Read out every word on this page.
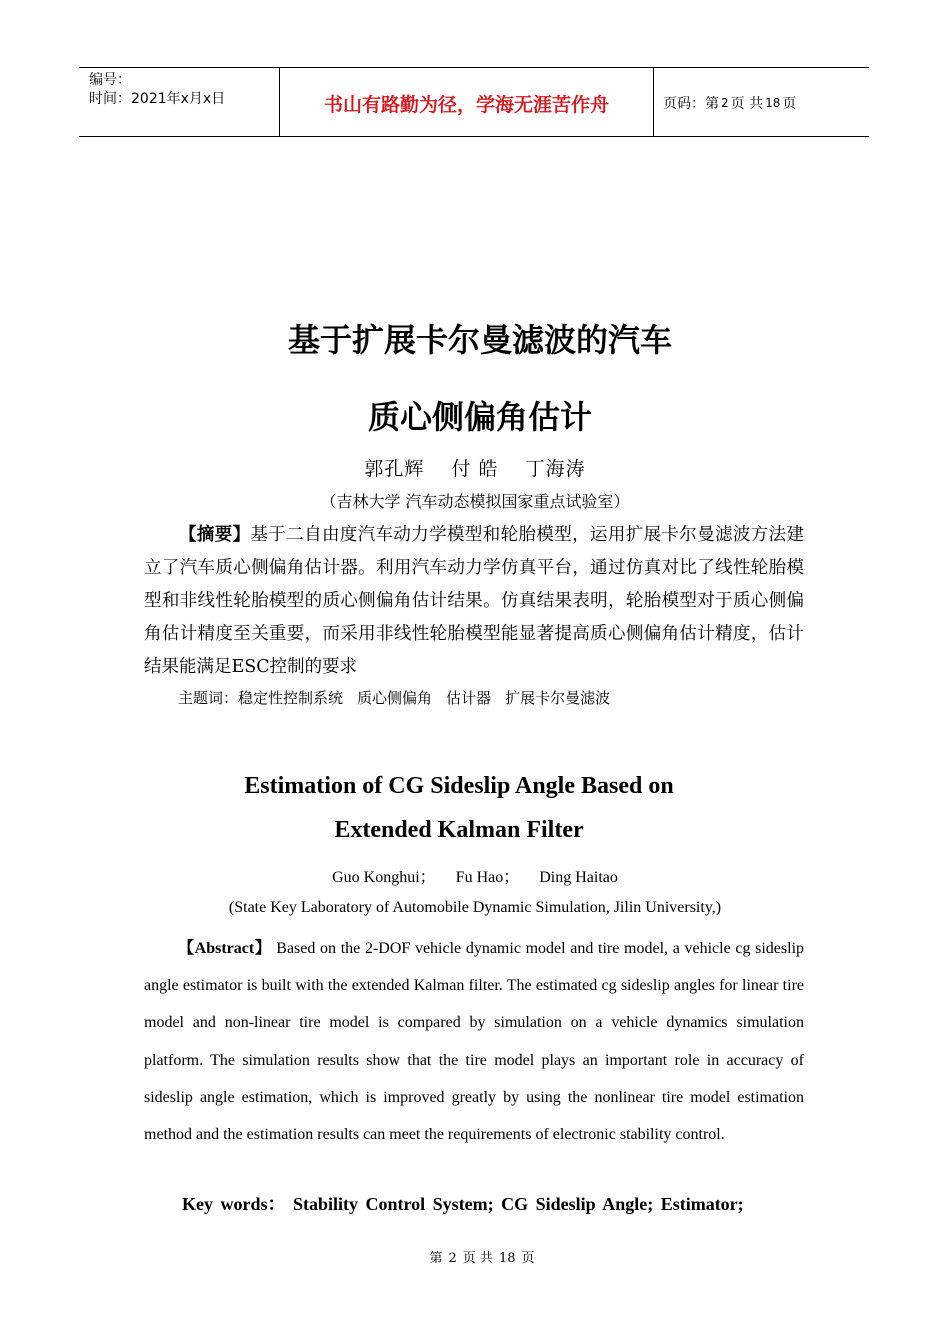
编号：
时间：2021年x月x日	书山有路勤为径，学海无涯苦作舟	页码：第 2 页 共 18 页
基于扩展卡尔曼滤波的汽车
质心侧偏角估计
郭孔辉 付 皓 丁海涛
（吉林大学 汽车动态模拟国家重点试验室）
【摘要】基于二自由度汽车动力学模型和轮胎模型，运用扩展卡尔曼滤波方法建立了汽车质心侧偏角估计器。利用汽车动力学仿真平台，通过仿真对比了线性轮胎模型和非线性轮胎模型的质心侧偏角估计结果。仿真结果表明，轮胎模型对于质心侧偏角估计精度至关重要，而采用非线性轮胎模型能显著提高质心侧偏角估计精度，估计结果能满足ESC控制的要求
主题词：稳定性控制系统 质心侧偏角 估计器 扩展卡尔曼滤波
Estimation of CG Sideslip Angle Based on
Extended Kalman Filter
Guo Konghui； Fu Hao； Ding Haitao
(State Key Laboratory of Automobile Dynamic Simulation, Jilin University,)
【Abstract】 Based on the 2-DOF vehicle dynamic model and tire model, a vehicle cg sideslip angle estimator is built with the extended Kalman filter. The estimated cg sideslip angles for linear tire model and non-linear tire model is compared by simulation on a vehicle dynamics simulation platform. The simulation results show that the tire model plays an important role in accuracy of sideslip angle estimation, which is improved greatly by using the nonlinear tire model estimation method and the estimation results can meet the requirements of electronic stability control.
Key words： Stability Control System; CG Sideslip Angle; Estimator;
第 2 页 共 18 页
